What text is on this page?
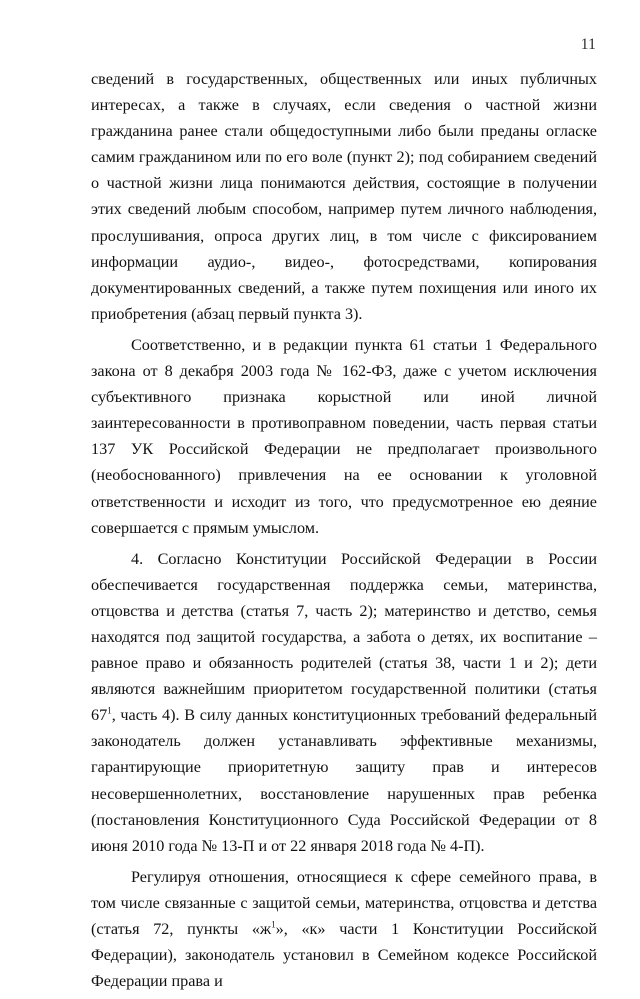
11

сведений в государственных, общественных или иных публичных интересах, а также в случаях, если сведения о частной жизни гражданина ранее стали общедоступными либо были преданы огласке самим гражданином или по его воле (пункт 2); под собиранием сведений о частной жизни лица понимаются действия, состоящие в получении этих сведений любым способом, например путем личного наблюдения, прослушивания, опроса других лиц, в том числе с фиксированием информации аудио-, видео-, фотосредствами, копирования документированных сведений, а также путем похищения или иного их приобретения (абзац первый пункта 3).

Соответственно, и в редакции пункта 61 статьи 1 Федерального закона от 8 декабря 2003 года № 162-ФЗ, даже с учетом исключения субъективного признака корыстной или иной личной заинтересованности в противоправном поведении, часть первая статьи 137 УК Российской Федерации не предполагает произвольного (необоснованного) привлечения на ее основании к уголовной ответственности и исходит из того, что предусмотренное ею деяние совершается с прямым умыслом.

4. Согласно Конституции Российской Федерации в России обеспечивается государственная поддержка семьи, материнства, отцовства и детства (статья 7, часть 2); материнство и детство, семья находятся под защитой государства, а забота о детях, их воспитание – равное право и обязанность родителей (статья 38, части 1 и 2); дети являются важнейшим приоритетом государственной политики (статья $67^1$, часть 4). В силу данных конституционных требований федеральный законодатель должен устанавливать эффективные механизмы, гарантирующие приоритетную защиту прав и интересов несовершеннолетних, восстановление нарушенных прав ребенка (постановления Конституционного Суда Российской Федерации от 8 июня 2010 года № 13-П и от 22 января 2018 года № 4-П).

Регулируя отношения, относящиеся к сфере семейного права, в том числе связанные с защитой семьи, материнства, отцовства и детства (статья 72, пункты «$ж^1$», «к» части 1 Конституции Российской Федерации), законодатель установил в Семейном кодексе Российской Федерации права и
